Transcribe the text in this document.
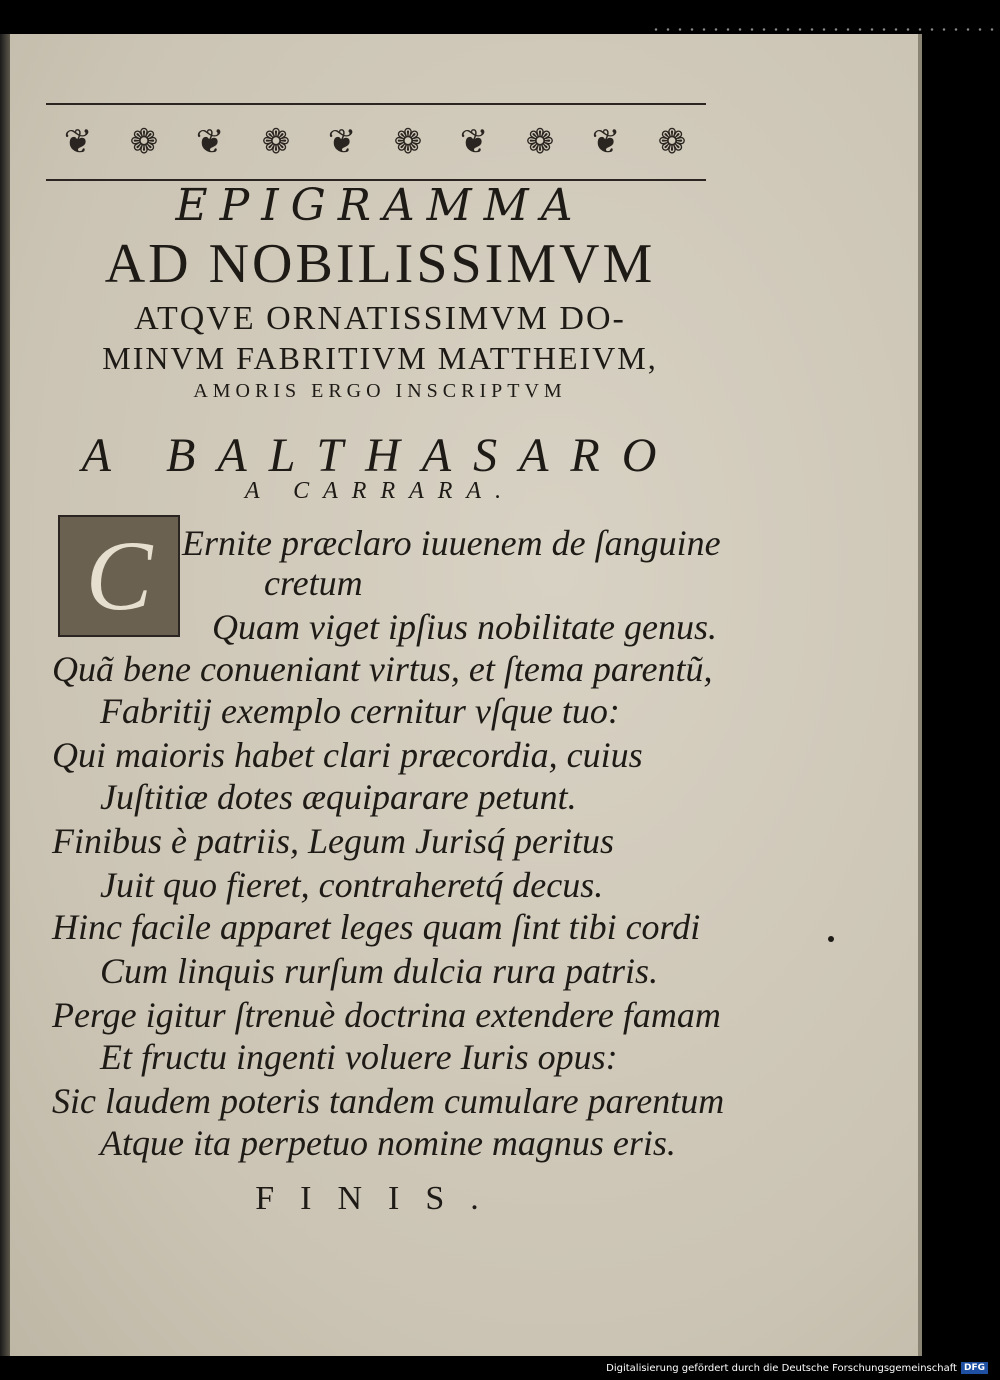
❦	❁	❦	❁	❦	❁	❦	❁	❦	❁
EPIGRAMMA
AD NOBILISSIMVM
ATQVE ORNATISSIMVM DO-
MINVM FABRITIVM MATTHEIVM,
AMORIS ERGO INSCRIPTVM
A BALTHASARO
A CARRARA.
C Ernite præclaro iuuenem de ſanguine
cretum
Quam viget ipſius nobilitate genus.
Quã bene conueniant virtus, et ſtema parentũ,
Fabritij exemplo cernitur vſque tuo:
Qui maioris habet clari præcordia, cuius
Juſtitiæ dotes æquiparare petunt.
Finibus è patriis, Legum Jurisq́ peritus
Juit quo fieret, contraheretq́ decus.
Hinc facile apparet leges quam ſint tibi cordi
Cum linquis rurſum dulcia rura patris.
Perge igitur ſtrenuè doctrina extendere famam
Et fructu ingenti voluere Iuris opus:
Sic laudem poteris tandem cumulare parentum
Atque ita perpetuo nomine magnus eris.
FINIS.
Digitalisierung gefördert durch die Deutsche Forschungsgemeinschaft DFG
